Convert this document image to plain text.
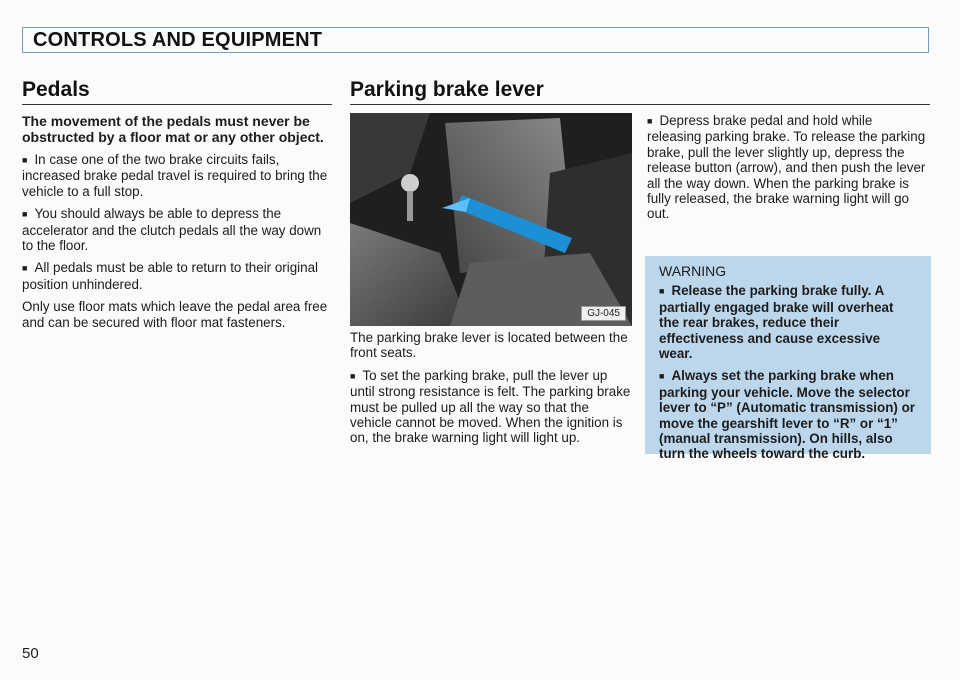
CONTROLS AND EQUIPMENT
Pedals

The movement of the pedals must never be obstructed by a floor mat or any other object.

■ In case one of the two brake circuits fails, increased brake pedal travel is required to bring the vehicle to a full stop.

■ You should always be able to depress the accelerator and the clutch pedals all the way down to the floor.

■ All pedals must be able to return to their original position unhindered.

Only use floor mats which leave the pedal area free and can be secured with floor mat fasteners.

Parking brake lever
GJ-045

The parking brake lever is located between the front seats.

■ To set the parking brake, pull the lever up until strong resistance is felt. The parking brake must be pulled up all the way so that the vehicle cannot be moved. When the ignition is on, the brake warning light will light up.

■ Depress brake pedal and hold while releasing parking brake. To release the parking brake, pull the lever slightly up, depress the release button (arrow), and then push the lever all the way down. When the parking brake is fully released, the brake warning light will go out.

WARNING

■ Release the parking brake fully. A partially engaged brake will overheat the rear brakes, reduce their effectiveness and cause excessive wear.

■ Always set the parking brake when parking your vehicle. Move the selector lever to “P” (Automatic transmission) or move the gearshift lever to “R” or “1” (manual transmission). On hills, also turn the wheels toward the curb.

50
